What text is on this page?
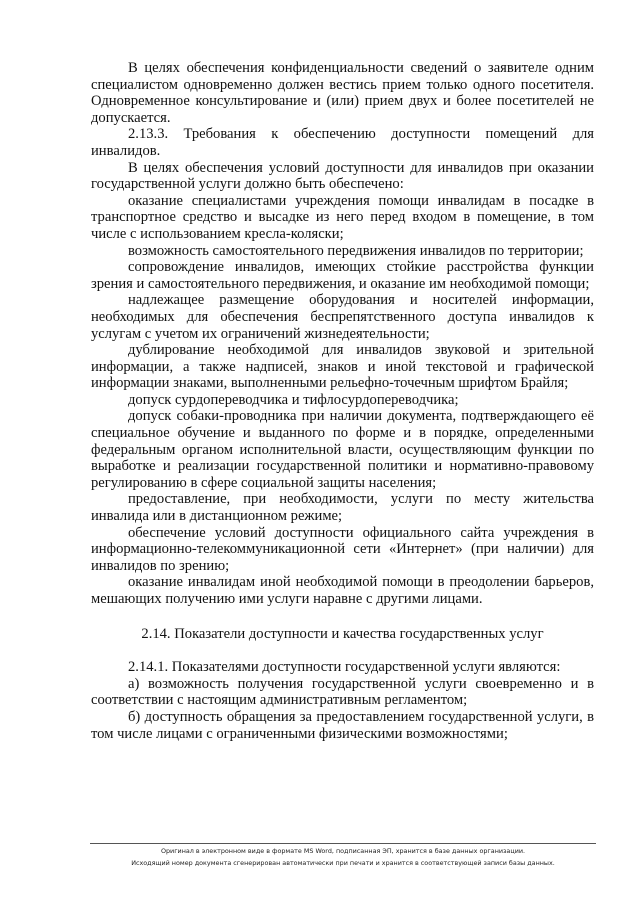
В целях обеспечения конфиденциальности сведений о заявителе одним специалистом одновременно должен вестись прием только одного посетителя. Одновременное консультирование и (или) прием двух и более посетителей не допускается.

2.13.3. Требования к обеспечению доступности помещений для инвалидов.

В целях обеспечения условий доступности для инвалидов при оказании государственной услуги должно быть обеспечено:

оказание специалистами учреждения помощи инвалидам в посадке в транспортное средство и высадке из него перед входом в помещение, в том числе с использованием кресла-коляски;

возможность самостоятельного передвижения инвалидов по территории;

сопровождение инвалидов, имеющих стойкие расстройства функции зрения и самостоятельного передвижения, и оказание им необходимой помощи;

надлежащее размещение оборудования и носителей информации, необходимых для обеспечения беспрепятственного доступа инвалидов к услугам с учетом их ограничений жизнедеятельности;

дублирование необходимой для инвалидов звуковой и зрительной информации, а также надписей, знаков и иной текстовой и графической информации знаками, выполненными рельефно-точечным шрифтом Брайля;

допуск сурдопереводчика и тифлосурдопереводчика;

допуск собаки-проводника при наличии документа, подтверждающего её специальное обучение и выданного по форме и в порядке, определенными федеральным органом исполнительной власти, осуществляющим функции по выработке и реализации государственной политики и нормативно-правовому регулированию в сфере социальной защиты населения;

предоставление, при необходимости, услуги по месту жительства инвалида или в дистанционном режиме;

обеспечение условий доступности официального сайта учреждения в информационно-телекоммуникационной сети «Интернет» (при наличии) для инвалидов по зрению;

оказание инвалидам иной необходимой помощи в преодолении барьеров, мешающих получению ими услуги наравне с другими лицами.

2.14. Показатели доступности и качества государственных услуг

2.14.1. Показателями доступности государственной услуги являются:

а) возможность получения государственной услуги своевременно и в соответствии с настоящим административным регламентом;

б) доступность обращения за предоставлением государственной услуги, в том числе лицами с ограниченными физическими возможностями;

Оригинал в электронном виде в формате MS Word, подписанная ЭП, хранится в базе данных организации.
Исходящий номер документа сгенерирован автоматически при печати и хранится в соответствующей записи базы данных.
